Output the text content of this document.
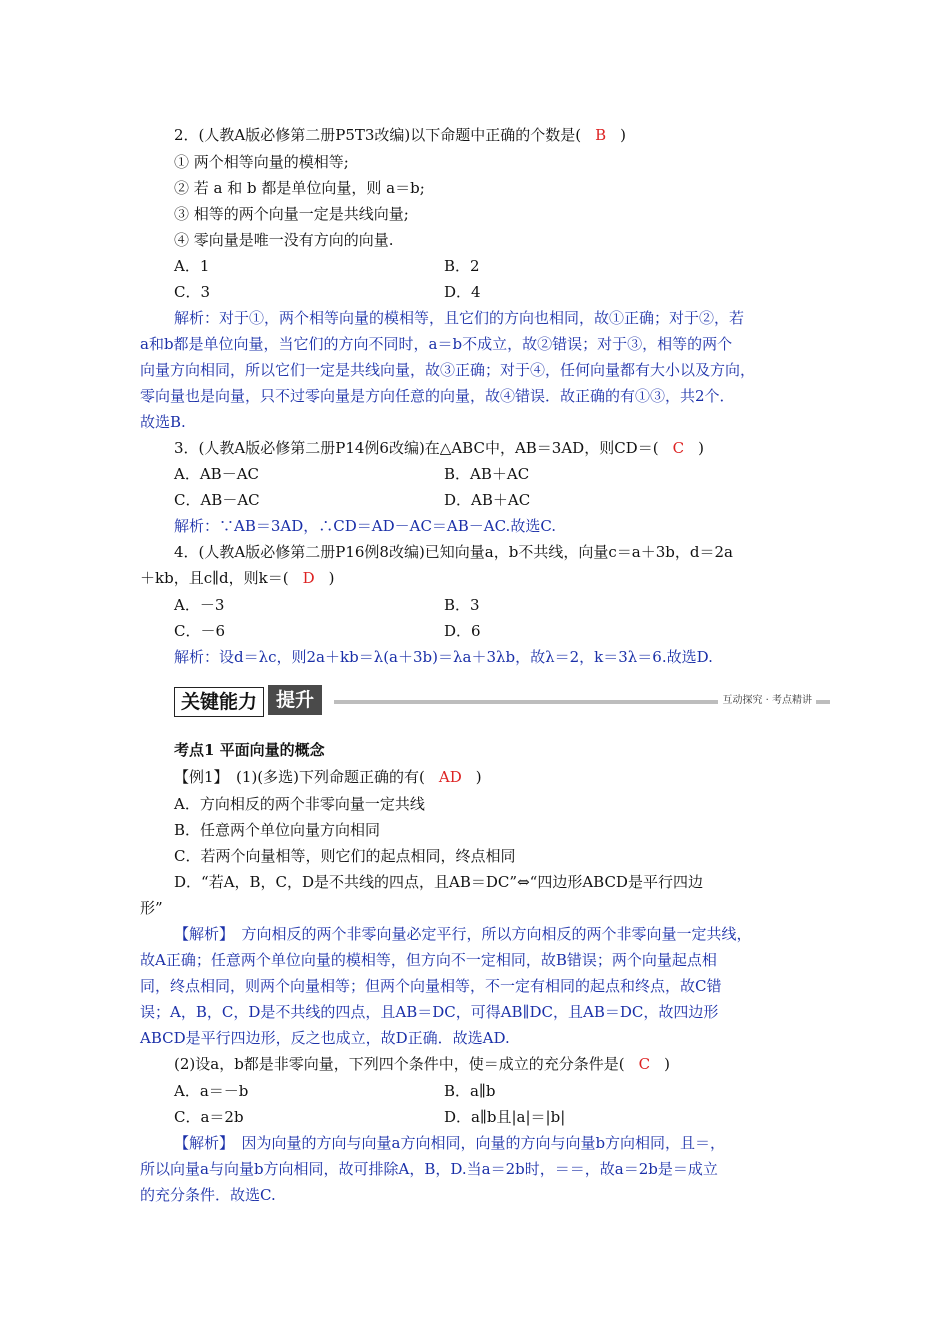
2．(人教A版必修第二册P5T3改编)以下命题中正确的个数是( B )
① 两个相等向量的模相等;
② 若 a 和 b 都是单位向量，则 a＝b;
③ 相等的两个向量一定是共线向量;
④ 零向量是唯一没有方向的向量.
A．1	B．2
C．3	D．4
解析：对于①，两个相等向量的模相等，且它们的方向也相同，故①正确；对于②，若
a和b都是单位向量，当它们的方向不同时，a＝b不成立，故②错误；对于③，相等的两个
向量方向相同，所以它们一定是共线向量，故③正确；对于④，任何向量都有大小以及方向，
零向量也是向量，只不过零向量是方向任意的向量，故④错误．故正确的有①③，共2个．
故选B.
3．(人教A版必修第二册P14例6改编)在△ABC中，AB＝3AD，则CD＝( C )
A．AB－AC	B．AB＋AC
C．AB－AC	D．AB＋AC
解析：∵AB＝3AD，∴CD＝AD－AC＝AB－AC.故选C.
4．(人教A版必修第二册P16例8改编)已知向量a，b不共线，向量c＝a＋3b，d＝2a
＋kb，且c∥d，则k＝( D )
A．－3	B．3
C．－6	D．6
解析：设d＝λc，则2a＋kb＝λ(a＋3b)＝λa＋3λb，故λ＝2，k＝3λ＝6.故选D.
关键能力 提升	互动探究 · 考点精讲
考点1 平面向量的概念
【例1】　(1)(多选)下列命题正确的有( AD )
A．方向相反的两个非零向量一定共线
B．任意两个单位向量方向相同
C．若两个向量相等，则它们的起点相同，终点相同
D．“若A，B，C，D是不共线的四点，且AB＝DC”⇔“四边形ABCD是平行四边
形”
【解析】　方向相反的两个非零向量必定平行，所以方向相反的两个非零向量一定共线，
故A正确；任意两个单位向量的模相等，但方向不一定相同，故B错误；两个向量起点相
同，终点相同，则两个向量相等；但两个向量相等，不一定有相同的起点和终点，故C错
误；A，B，C，D是不共线的四点，且AB＝DC，可得AB∥DC，且AB＝DC，故四边形
ABCD是平行四边形，反之也成立，故D正确．故选AD.
(2)设a，b都是非零向量，下列四个条件中，使＝成立的充分条件是( C )
A．a＝－b	B．a∥b
C．a＝2b	D．a∥b且|a|＝|b|
【解析】　因为向量的方向与向量a方向相同，向量的方向与向量b方向相同，且＝，
所以向量a与向量b方向相同，故可排除A，B，D.当a＝2b时，＝＝，故a＝2b是＝成立
的充分条件．故选C.
